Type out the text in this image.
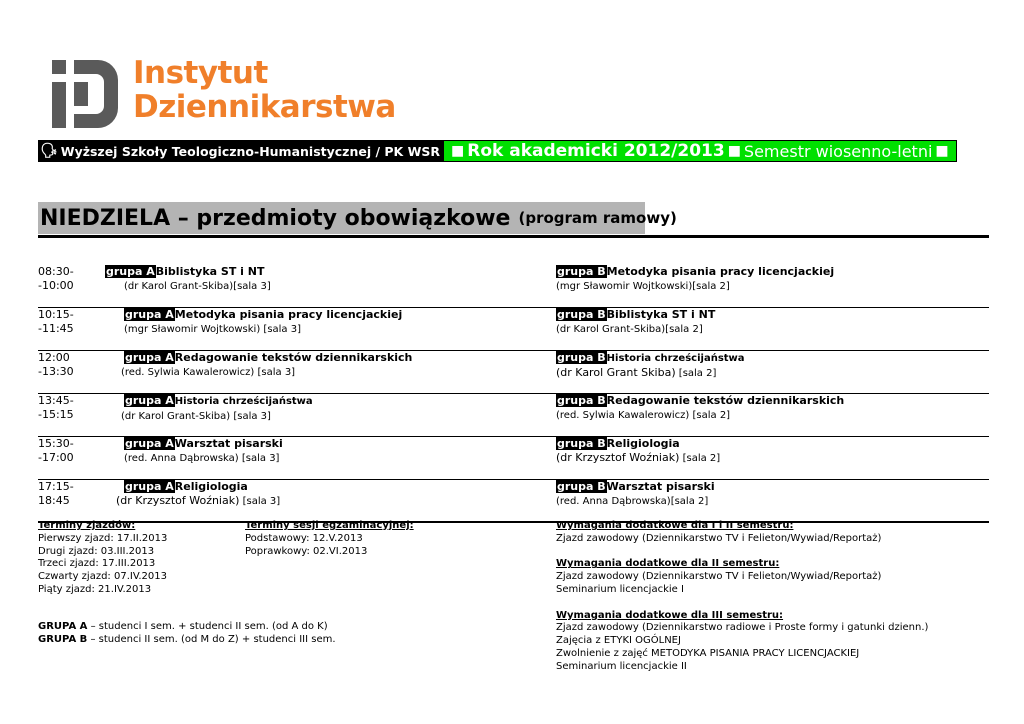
Instytut
Dziennikarstwa
🗣 Wyższej Szkoły Teologiczno-Humanistycznej / PK WSR ■ Rok akademicki 2012/2013 ■ Semestr wiosenno-letni ■
NIEDZIELA – przedmioty obowiązkowe (program ramowy)
08:30-
-10:00
grupa ABiblistyka ST i NT
(dr Karol Grant-Skiba)[sala 3]
grupa BMetodyka pisania pracy licencjackiej
(mgr Sławomir Wojtkowski)[sala 2]
10:15-
-11:45
grupa AMetodyka pisania pracy licencjackiej
(mgr Sławomir Wojtkowski) [sala 3]
grupa BBiblistyka ST i NT
(dr Karol Grant-Skiba)[sala 2]
12:00
-13:30
grupa ARedagowanie tekstów dziennikarskich
(red. Sylwia Kawalerowicz) [sala 3]
grupa BHistoria chrześcijaństwa
(dr Karol Grant Skiba) [sala 2]
13:45-
-15:15
grupa AHistoria chrześcijaństwa
(dr Karol Grant-Skiba) [sala 3]
grupa BRedagowanie tekstów dziennikarskich
(red. Sylwia Kawalerowicz) [sala 2]
15:30-
-17:00
grupa AWarsztat pisarski
(red. Anna Dąbrowska) [sala 3]
grupa BReligiologia
(dr Krzysztof Woźniak) [sala 2]
17:15-
18:45
grupa AReligiologia
(dr Krzysztof Woźniak) [sala 3]
grupa BWarsztat pisarski
(red. Anna Dąbrowska)[sala 2]
Terminy zjazdów:
Pierwszy zjazd: 17.II.2013
Drugi zjazd: 03.III.2013
Trzeci zjazd: 17.III.2013
Czwarty zjazd: 07.IV.2013
Piąty zjazd: 21.IV.2013
Terminy sesji egzaminacyjnej:
Podstawowy: 12.V.2013
Poprawkowy: 02.VI.2013
GRUPA A – studenci I sem. + studenci II sem. (od A do K)
GRUPA B – studenci II sem. (od M do Z) + studenci III sem.
Wymagania dodatkowe dla I i II semestru:
Zjazd zawodowy (Dziennikarstwo TV i Felieton/Wywiad/Reportaż)
Wymagania dodatkowe dla II semestru:
Zjazd zawodowy (Dziennikarstwo TV i Felieton/Wywiad/Reportaż)
Seminarium licencjackie I
Wymagania dodatkowe dla III semestru:
Zjazd zawodowy (Dziennikarstwo radiowe i Proste formy i gatunki dzienn.)
Zajęcia z ETYKI OGÓLNEJ
Zwolnienie z zajęć METODYKA PISANIA PRACY LICENCJACKIEJ
Seminarium licencjackie II
